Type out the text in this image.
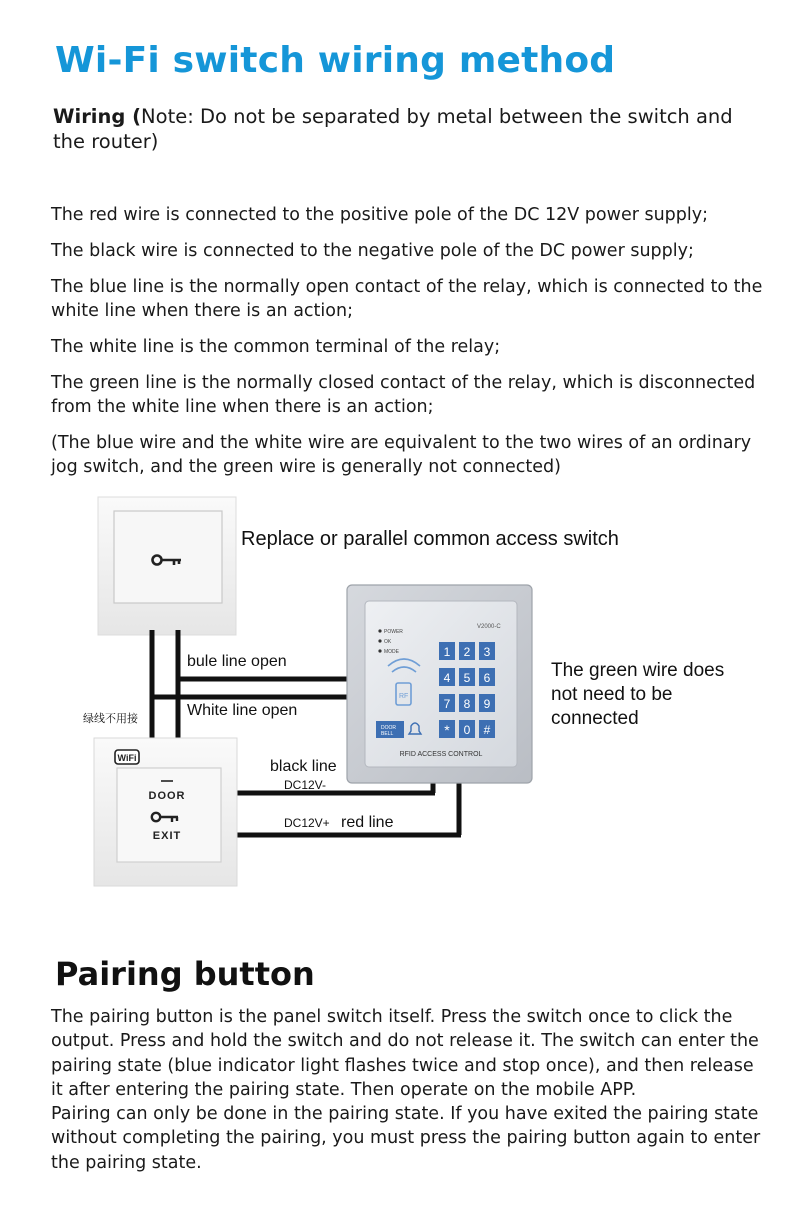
Wi-Fi switch wiring method
Wiring (Note: Do not be separated by metal between the switch and the router)
The red wire is connected to the positive pole of the DC 12V power supply;
The black wire is connected to the negative pole of the DC power supply;
The blue line is the normally open contact of the relay, which is connected to the white line when there is an action;
The white line is the common terminal of the relay;
The green line is the normally closed contact of the relay, which is disconnected from the white line when there is an action;
(The blue wire and the white wire are equivalent to the two wires of an ordinary jog switch, and the green wire is generally not connected)
V2000-C
POWER
OK
MODE
RF
DOOR
BELL
1 2 3
4 5 6
7 8 9
* 0 #
RFID ACCESS CONTROL
WiFi
DOOR
EXIT
Replace or parallel common access switch
bule line open
White line open
绿线不用接
black line
DC12V-
DC12V+ red line
The green wire does
not need to be
connected
Pairing button

The pairing button is the panel switch itself. Press the switch once to click the output. Press and hold the switch and do not release it. The switch can enter the pairing state (blue indicator light flashes twice and stop once), and then release it after entering the pairing state. Then operate on the mobile APP.

Pairing can only be done in the pairing state. If you have exited the pairing state without completing the pairing, you must press the pairing button again to enter the pairing state.
